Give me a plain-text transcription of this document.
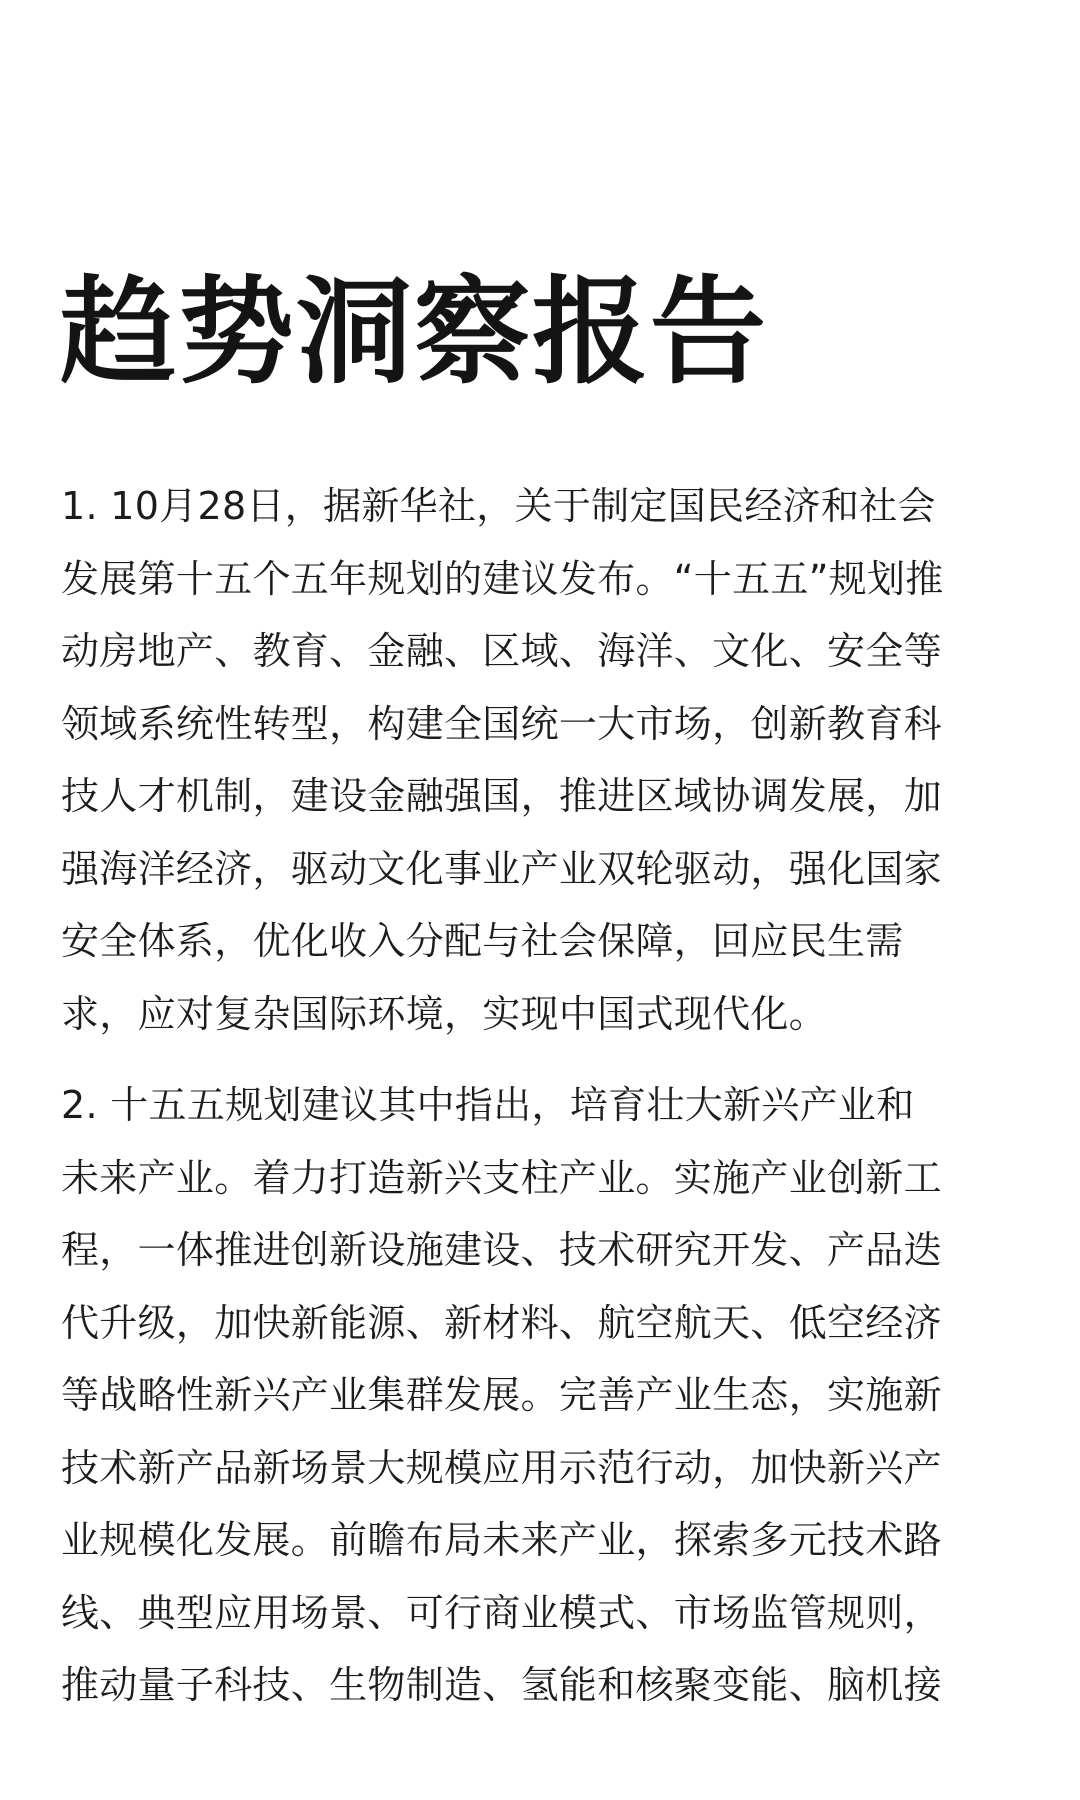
趋势洞察报告
1. 10月28日，据新华社，关于制定国民经济和社会
发展第十五个五年规划的建议发布。“十五五”规划推
动房地产、教育、金融、区域、海洋、文化、安全等
领域系统性转型，构建全国统一大市场，创新教育科
技人才机制，建设金融强国，推进区域协调发展，加
强海洋经济，驱动文化事业产业双轮驱动，强化国家
安全体系，优化收入分配与社会保障，回应民生需
求，应对复杂国际环境，实现中国式现代化。
2. 十五五规划建议其中指出，培育壮大新兴产业和
未来产业。着力打造新兴支柱产业。实施产业创新工
程，一体推进创新设施建设、技术研究开发、产品迭
代升级，加快新能源、新材料、航空航天、低空经济
等战略性新兴产业集群发展。完善产业生态，实施新
技术新产品新场景大规模应用示范行动，加快新兴产
业规模化发展。前瞻布局未来产业，探索多元技术路
线、典型应用场景、可行商业模式、市场监管规则，
推动量子科技、生物制造、氢能和核聚变能、脑机接
